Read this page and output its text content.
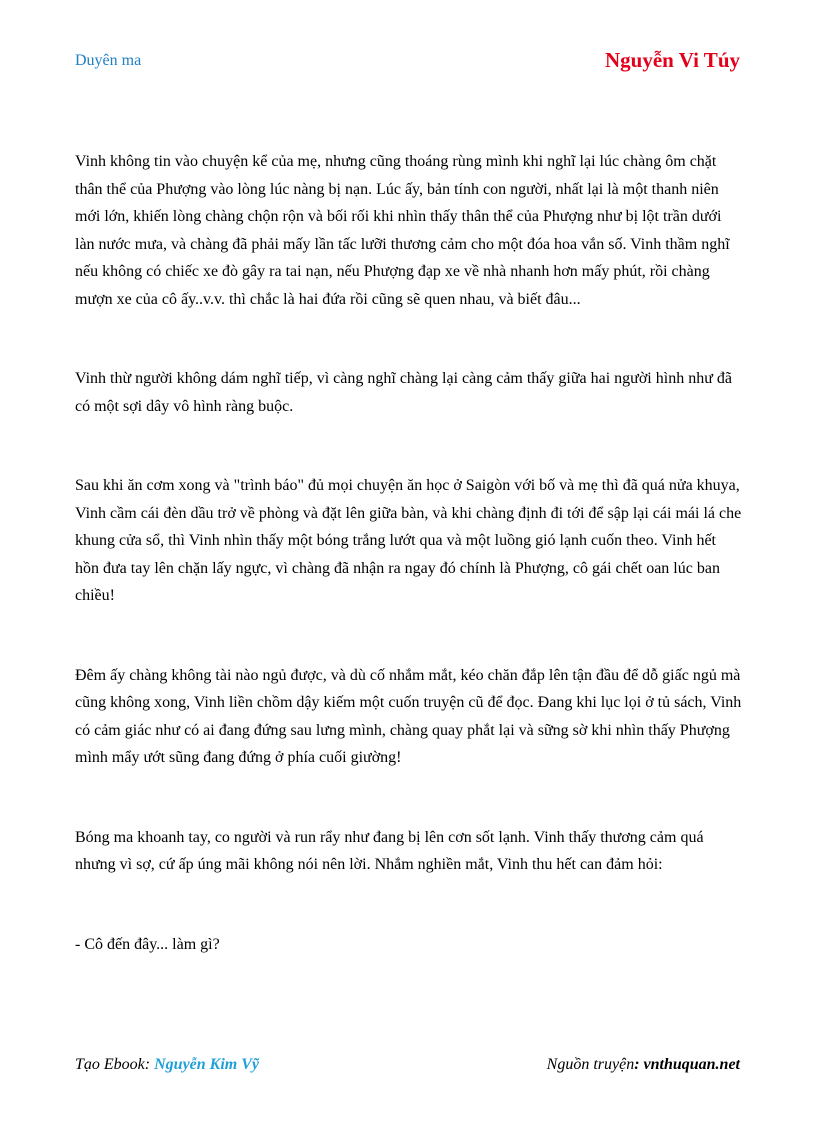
Duyên ma	Nguyễn Vi Túy

Vinh không tin vào chuyện kể của mẹ, nhưng cũng thoáng rùng mình khi nghĩ lại lúc chàng ôm chặt thân thể của Phượng vào lòng lúc nàng bị nạn. Lúc ấy, bản tính con người, nhất lại là một thanh niên mới lớn, khiến lòng chàng chộn rộn và bối rối khi nhìn thấy thân thể của Phượng như bị lột trần dưới làn nước mưa, và chàng đã phải mấy lần tấc lưỡi thương cảm cho một đóa hoa vắn số. Vinh thầm nghĩ nếu không có chiếc xe đò gây ra tai nạn, nếu Phượng đạp xe về nhà nhanh hơn mấy phút, rồi chàng mượn xe của cô ấy..v.v. thì chắc là hai đứa rồi cũng sẽ quen nhau, và biết đâu...

Vinh thừ người không dám nghĩ tiếp, vì càng nghĩ chàng lại càng cảm thấy giữa hai người hình như đã có một sợi dây vô hình ràng buộc.

Sau khi ăn cơm xong và "trình báo" đủ mọi chuyện ăn học ở Saigòn với bố và mẹ thì đã quá nửa khuya, Vinh cầm cái đèn dầu trở về phòng và đặt lên giữa bàn, và khi chàng định đi tới để sập lại cái mái lá che khung cửa sổ, thì Vinh nhìn thấy một bóng trắng lướt qua và một luồng gió lạnh cuốn theo. Vinh hết hồn đưa tay lên chặn lấy ngực, vì chàng đã nhận ra ngay đó chính là Phượng, cô gái chết oan lúc ban chiều!

Đêm ấy chàng không tài nào ngủ được, và dù cố nhắm mắt, kéo chăn đắp lên tận đầu để dỗ giấc ngủ mà cũng không xong, Vinh liền chồm dậy kiếm một cuốn truyện cũ để đọc. Đang khi lục lọi ở tủ sách, Vinh có cảm giác như có ai đang đứng sau lưng mình, chàng quay phắt lại và sững sờ khi nhìn thấy Phượng mình mẩy ướt sũng đang đứng ở phía cuối giường!

Bóng ma khoanh tay, co người và run rẩy như đang bị lên cơn sốt lạnh. Vinh thấy thương cảm quá nhưng vì sợ, cứ ấp úng mãi không nói nên lời. Nhắm nghiền mắt, Vinh thu hết can đảm hỏi:

- Cô đến đây... làm gì?

Tạo Ebook: Nguyễn Kim Vỹ	Nguồn truyện: vnthuquan.net
